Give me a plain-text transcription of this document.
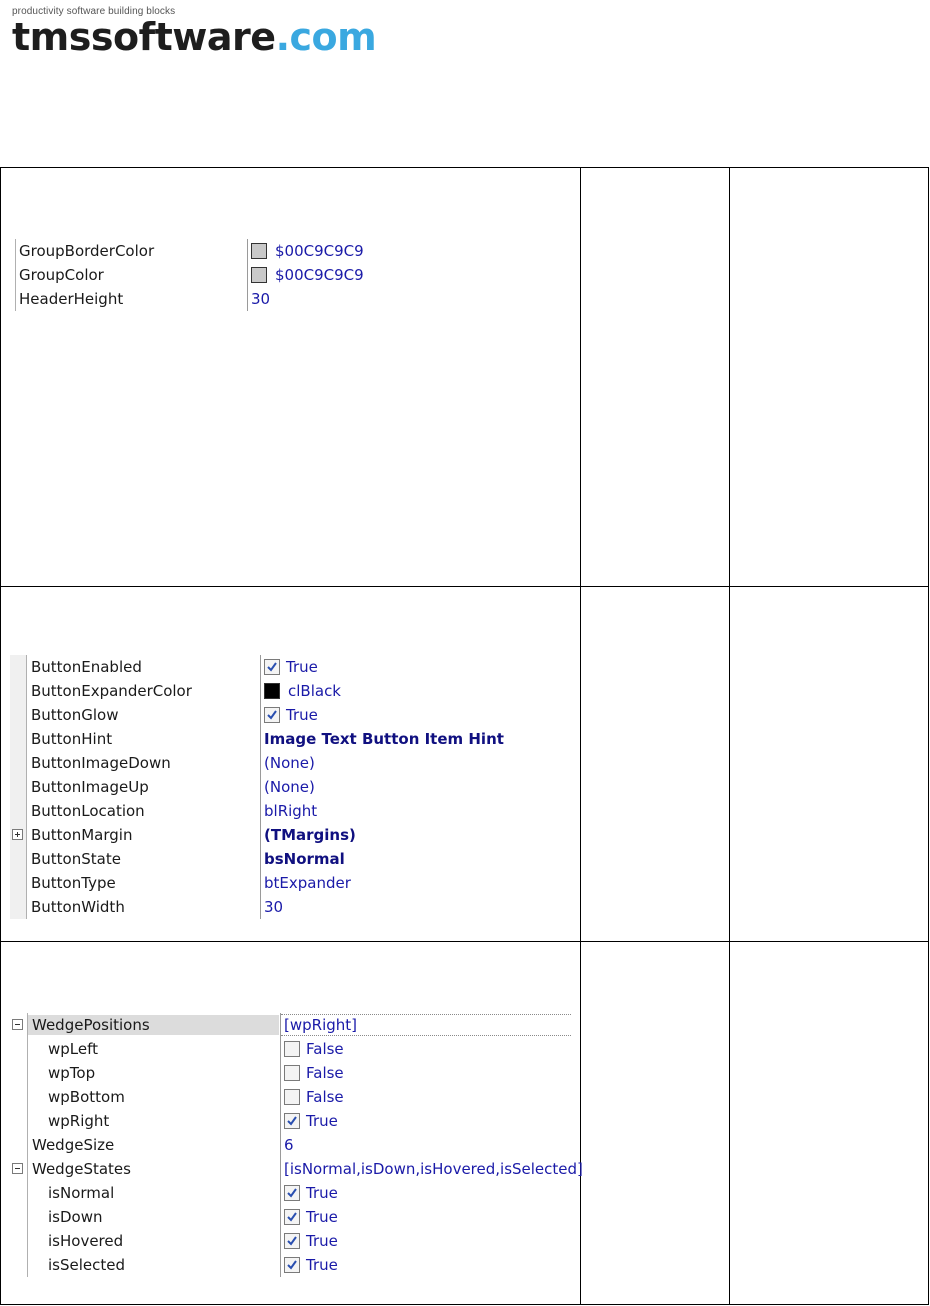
productivity software building blocks
tmssoftware.com
GroupBorderColor	$00C9C9C9
GroupColor	$00C9C9C9
HeaderHeight	30
ButtonEnabled	True
ButtonExpanderColor	clBlack
ButtonGlow	True
ButtonHint	Image Text Button Item Hint
ButtonImageDown	(None)
ButtonImageUp	(None)
ButtonLocation	blRight
ButtonMargin	(TMargins)
ButtonState	bsNormal
ButtonType	btExpander
ButtonWidth	30
WedgePositions	[wpRight]
wpLeft	False
wpTop	False
wpBottom	False
wpRight	True
WedgeSize	6
WedgeStates	[isNormal,isDown,isHovered,isSelected]
isNormal	True
isDown	True
isHovered	True
isSelected	True
